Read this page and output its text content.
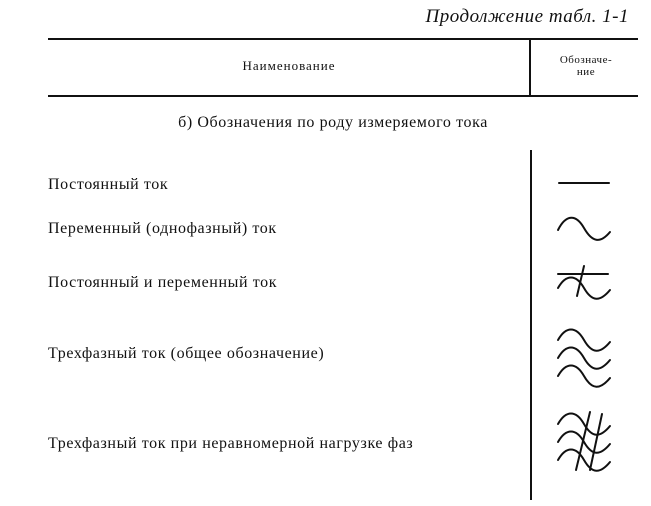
Продолжение табл. 1-1
Наименование	Обозначе-
ние
б) Обозначения по роду измеряемого тока
Постоянный ток
Переменный (однофазный) ток
Постоянный и переменный ток
Трехфазный ток (общее обозначение)
Трехфазный ток при неравномерной нагрузке фаз
